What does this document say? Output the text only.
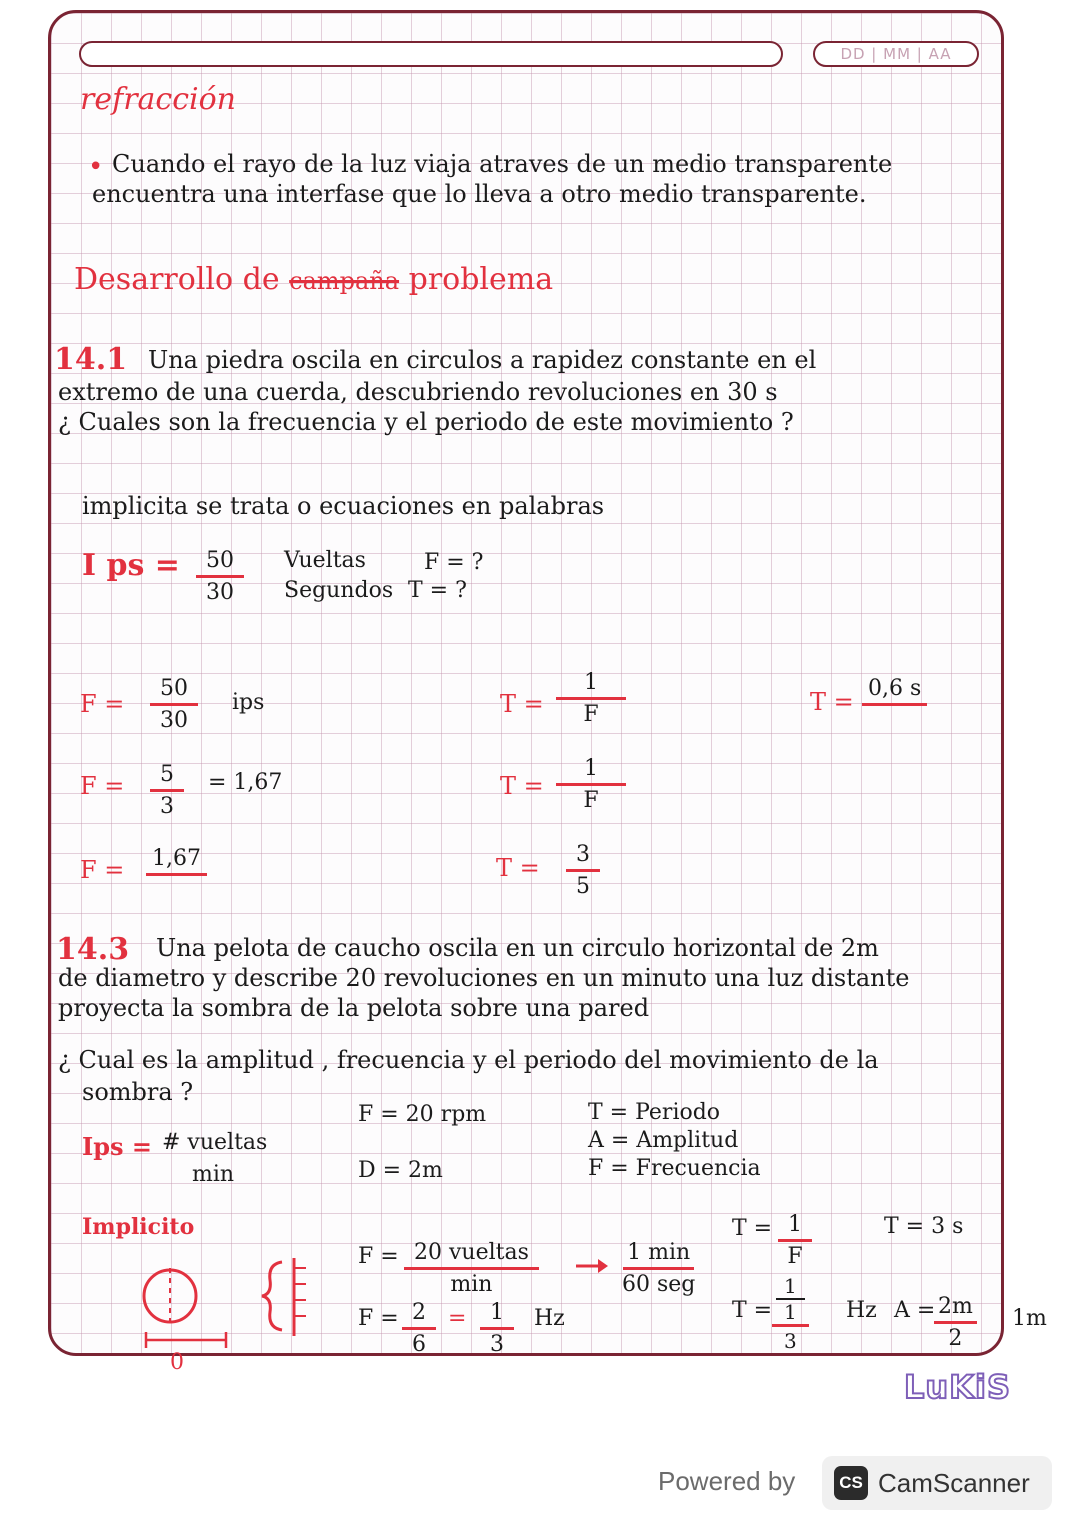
DD | MM | AA
refracción
• Cuando el rayo de la luz viaja atraves de un medio transparente
encuentra una interfase que lo lleva a otro medio transparente.
Desarrollo de campaña problema
14.1 Una piedra oscila en circulos a rapidez constante en el
extremo de una cuerda, descubriendo revoluciones en 30 s
¿ Cuales son la frecuencia y el periodo de este movimiento ?
implicita se trata o ecuaciones en palabras
I ps = $\frac{50}{30}$ Vueltas
Segundos
F = ?
T = ?
$F = \frac{50}{30}$ ips
$F = \frac{5}{3} = 1,67$
F = 1,67
$T = \frac{1}{F}$
$T = \frac{1}{F}$
$T = \frac{3}{5}$
T = 0,6 s
14.3 Una pelota de caucho oscila en un circulo horizontal de 2m
de diametro y describe 20 revoluciones en un minuto una luz distante
proyecta la sombra de la pelota sobre una pared
¿ Cual es la amplitud , frecuencia y el periodo del movimiento de la
sombra ?
Ips = # vueltas
min
F = 20 rpm
D = 2m
T = Periodo
A = Amplitud
F = Frecuencia
Implicito
0
F = 20 vueltas
min
1 min
60 seg
$F = \frac{2}{6} = \frac{1}{3}$ Hz
$T = \frac{1}{F}$	T = 3 s
T =
1
1
3
Hz A =
$\frac{2m}{2} 1m$
LuKiS
Powered by	CS CamScanner
